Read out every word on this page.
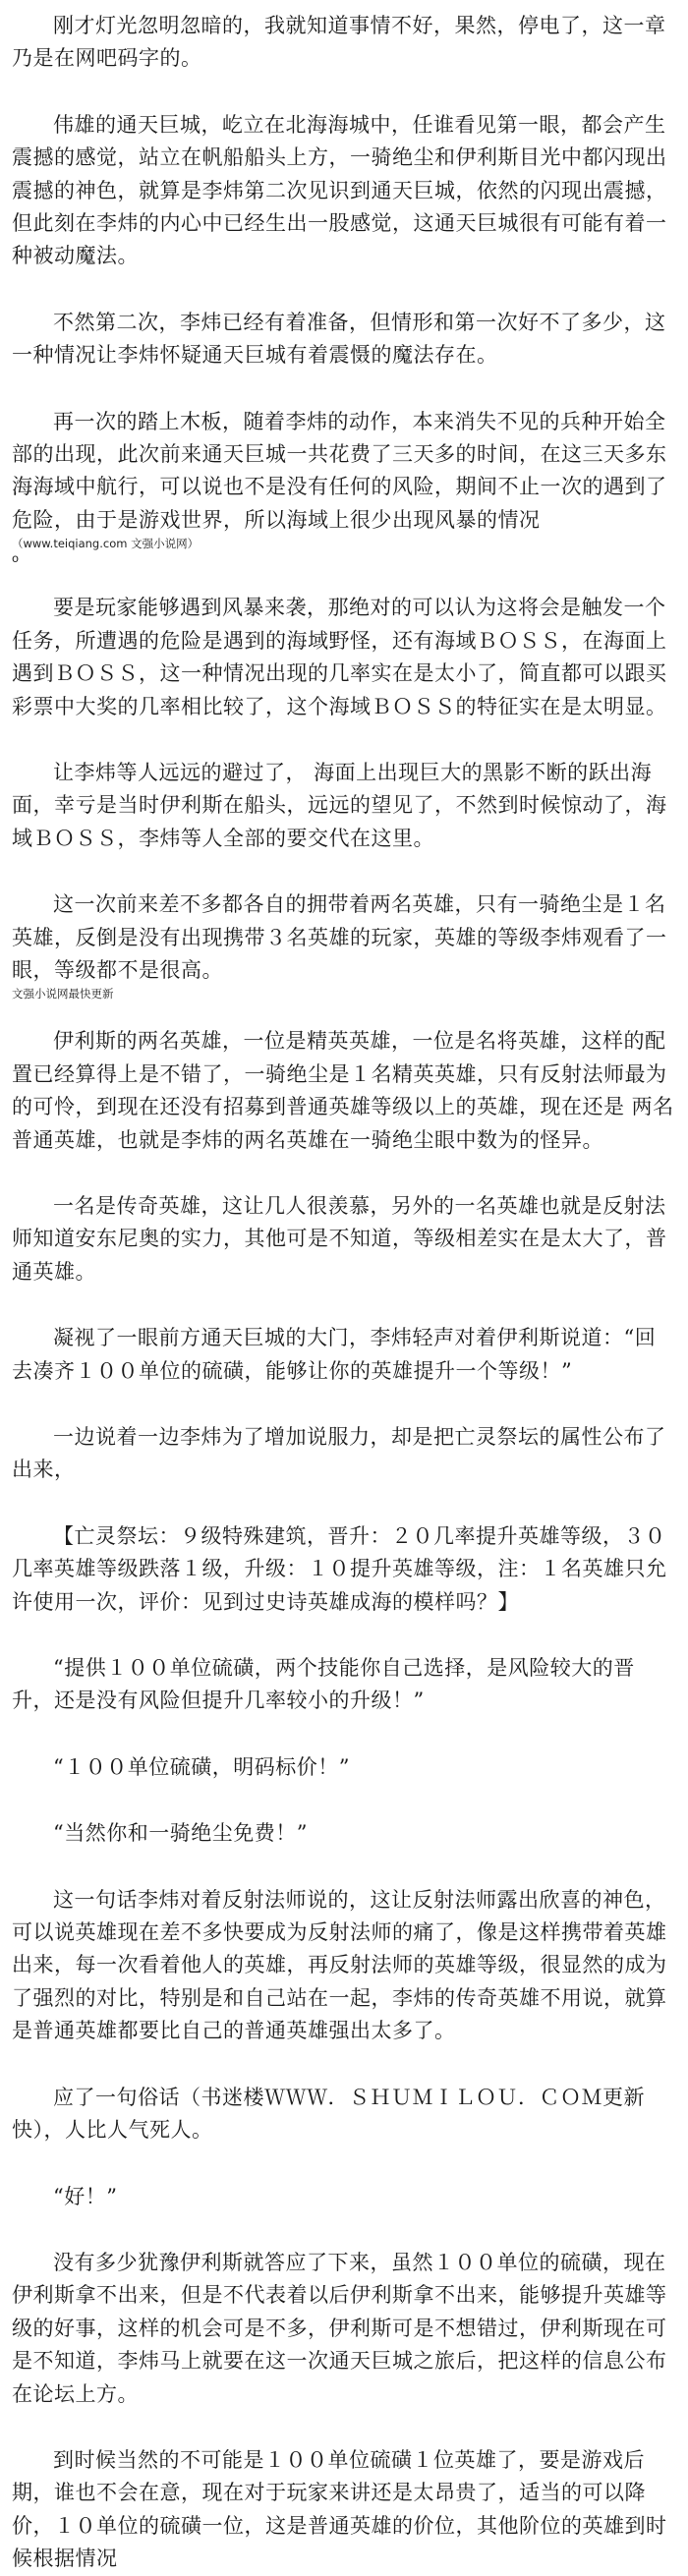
刚才灯光忽明忽暗的，我就知道事情不好，果然，停电了，这一章乃是在网吧码字的。

伟雄的通天巨城，屹立在北海海城中，任谁看见第一眼，都会产生震撼的感觉，站立在帆船船头上方，一骑绝尘和伊利斯目光中都闪现出震撼的神色，就算是李炜第二次见识到通天巨城，依然的闪现出震撼，但此刻在李炜的内心中已经生出一股感觉，这通天巨城很有可能有着一种被动魔法。

不然第二次，李炜已经有着准备，但情形和第一次好不了多少，这一种情况让李炜怀疑通天巨城有着震慑的魔法存在。

再一次的踏上木板，随着李炜的动作，本来消失不见的兵种开始全部的出现，此次前来通天巨城一共花费了三天多的时间，在这三天多东海海域中航行，可以说也不是没有任何的风险，期间不止一次的遇到了危险，由于是游戏世界，所以海域上很少出现风暴的情况

（www.teiqiang.com 文强小说网）

o

要是玩家能够遇到风暴来袭，那绝对的可以认为这将会是触发一个任务，所遭遇的危险是遇到的海域野怪，还有海域ＢＯＳＳ，在海面上遇到ＢＯＳＳ，这一种情况出现的几率实在是太小了，简直都可以跟买彩票中大奖的几率相比较了，这个海域ＢＯＳＳ的特征实在是太明显。

让李炜等人远远的避过了， 海面上出现巨大的黑影不断的跃出海面，幸亏是当时伊利斯在船头，远远的望见了，不然到时候惊动了，海域ＢＯＳＳ，李炜等人全部的要交代在这里。

这一次前来差不多都各自的拥带着两名英雄，只有一骑绝尘是１名英雄，反倒是没有出现携带３名英雄的玩家，英雄的等级李炜观看了一眼，等级都不是很高。

文强小说网最快更新

伊利斯的两名英雄，一位是精英英雄，一位是名将英雄，这样的配置已经算得上是不错了，一骑绝尘是１名精英英雄，只有反射法师最为的可怜，到现在还没有招募到普通英雄等级以上的英雄，现在还是 两名普通英雄，也就是李炜的两名英雄在一骑绝尘眼中数为的怪异。

一名是传奇英雄，这让几人很羡慕，另外的一名英雄也就是反射法师知道安东尼奥的实力，其他可是不知道，等级相差实在是太大了，普通英雄。

凝视了一眼前方通天巨城的大门，李炜轻声对着伊利斯说道：“回去凑齐１００单位的硫磺，能够让你的英雄提升一个等级！”

一边说着一边李炜为了增加说服力，却是把亡灵祭坛的属性公布了出来，

【亡灵祭坛：９级特殊建筑，晋升：２０几率提升英雄等级，３０几率英雄等级跌落１级，升级：１０提升英雄等级，注：１名英雄只允许使用一次，评价：见到过史诗英雄成海的模样吗？】

“提供１００单位硫磺，两个技能你自己选择，是风险较大的晋升，还是没有风险但提升几率较小的升级！”

“１００单位硫磺，明码标价！”

“当然你和一骑绝尘免费！”

这一句话李炜对着反射法师说的，这让反射法师露出欣喜的神色，可以说英雄现在差不多快要成为反射法师的痛了，像是这样携带着英雄出来，每一次看着他人的英雄，再反射法师的英雄等级，很显然的成为了强烈的对比，特别是和自己站在一起，李炜的传奇英雄不用说，就算是普通英雄都要比自己的普通英雄强出太多了。

应了一句俗话（书迷楼ＷＷＷ．ＳＨＵＭＩＬＯＵ．ＣＯＭ更新快），人比人气死人。

“好！”

没有多少犹豫伊利斯就答应了下来，虽然１００单位的硫磺，现在伊利斯拿不出来，但是不代表着以后伊利斯拿不出来，能够提升英雄等级的好事，这样的机会可是不多，伊利斯可是不想错过，伊利斯现在可是不知道，李炜马上就要在这一次通天巨城之旅后，把这样的信息公布在论坛上方。

到时候当然的不可能是１００单位硫磺１位英雄了，要是游戏后期，谁也不会在意，现在对于玩家来讲还是太昂贵了，适当的可以降价，１０单位的硫磺一位，这是普通英雄的价位，其他阶位的英雄到时候根据情况
